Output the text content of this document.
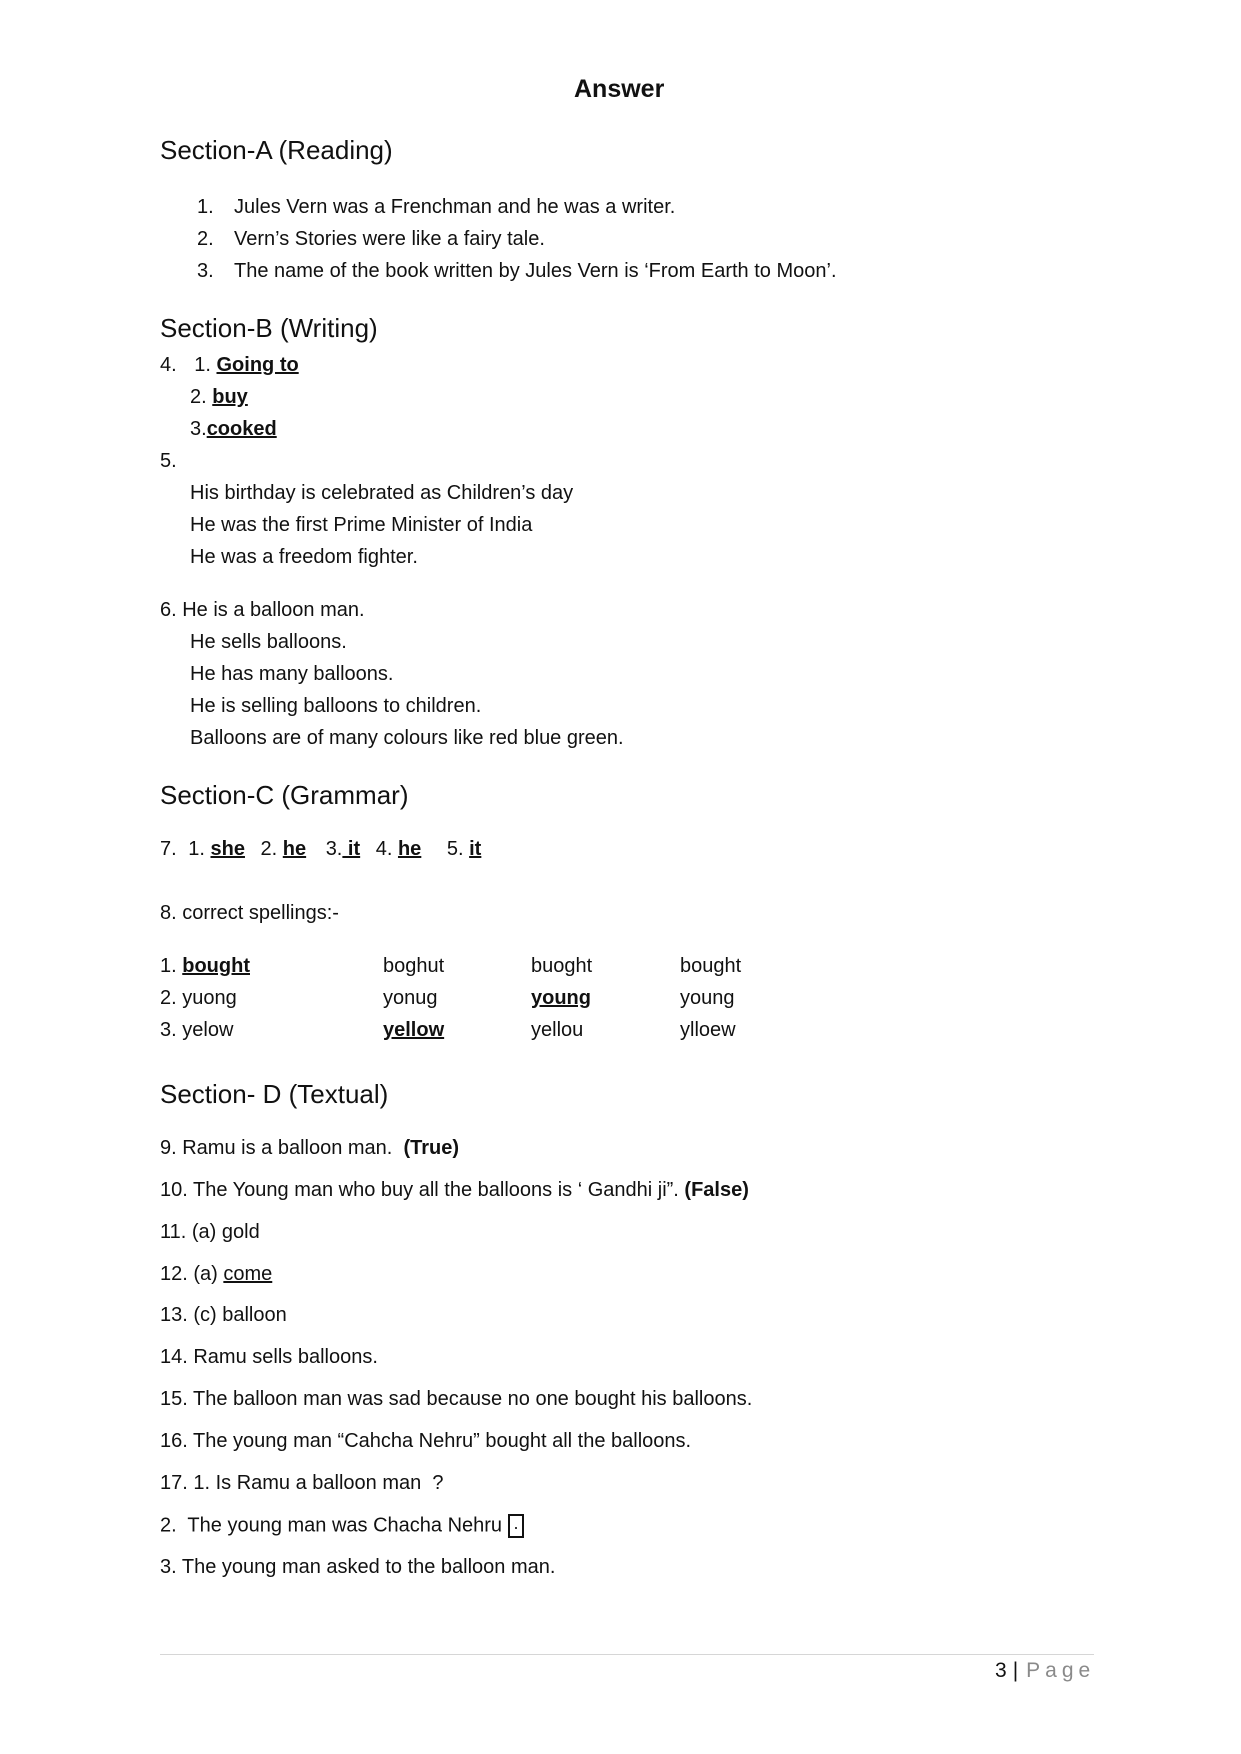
Answer
Section-A (Reading)
1. Jules Vern was a Frenchman and he was a writer.
2. Vern’s Stories were like a fairy tale.
3. The name of the book written by Jules Vern is ‘From Earth to Moon’.
Section-B (Writing)
4. 1. Going to
2. buy
3.cooked
5.
His birthday is celebrated as Children’s day
He was the first Prime Minister of India
He was a freedom fighter.
6. He is a balloon man.
He sells balloons.
He has many balloons.
He is selling balloons to children.
Balloons are of many colours like red blue green.
Section-C (Grammar)
7. 1. she 2. he 3. it 4. he 5. it
8. correct spellings:-
1. bought	boghut	buoght	bought
2. yuong	yonug	young	young
3. yelow	yellow	yellou	ylloew
Section- D (Textual)
9. Ramu is a balloon man.  (True)
10. The Young man who buy all the balloons is ‘ Gandhi ji”. (False)
11. (a) gold
12. (a) come
13. (c) balloon
14. Ramu sells balloons.
15. The balloon man was sad because no one bought his balloons.
16. The young man “Cahcha Nehru” bought all the balloons.
17. 1. Is Ramu a balloon man  ?
2.  The young man was Chacha Nehru .
3. The young man asked to the balloon man.
3 | Page
